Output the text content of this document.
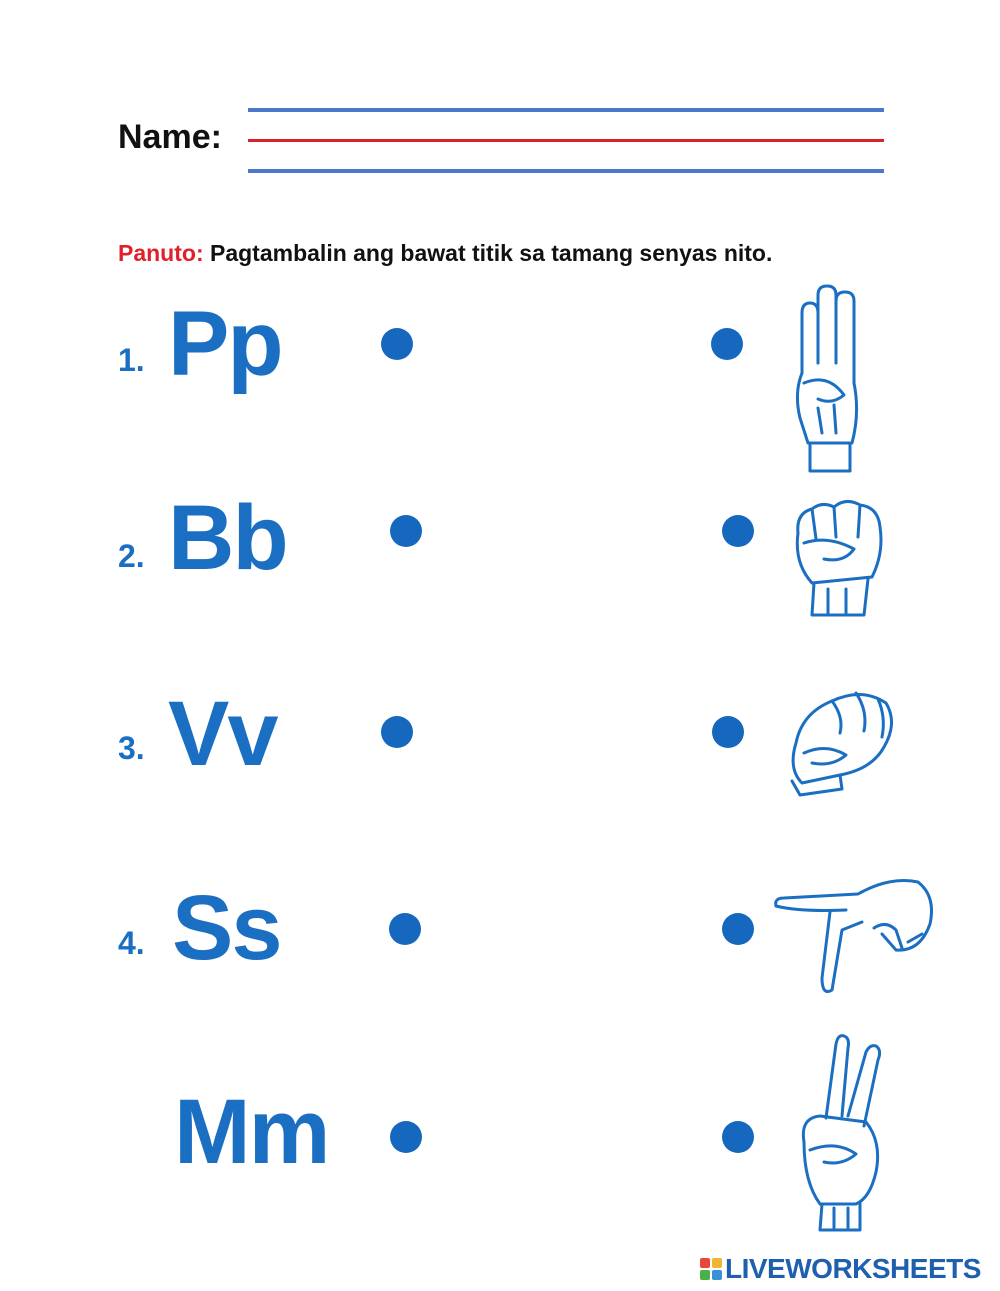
Name:
Panuto: Pagtambalin ang bawat titik sa tamang senyas nito.
1. Pp
2. Bb
3. Vv
4. Ss
Mm
LIVEWORKSHEETS
